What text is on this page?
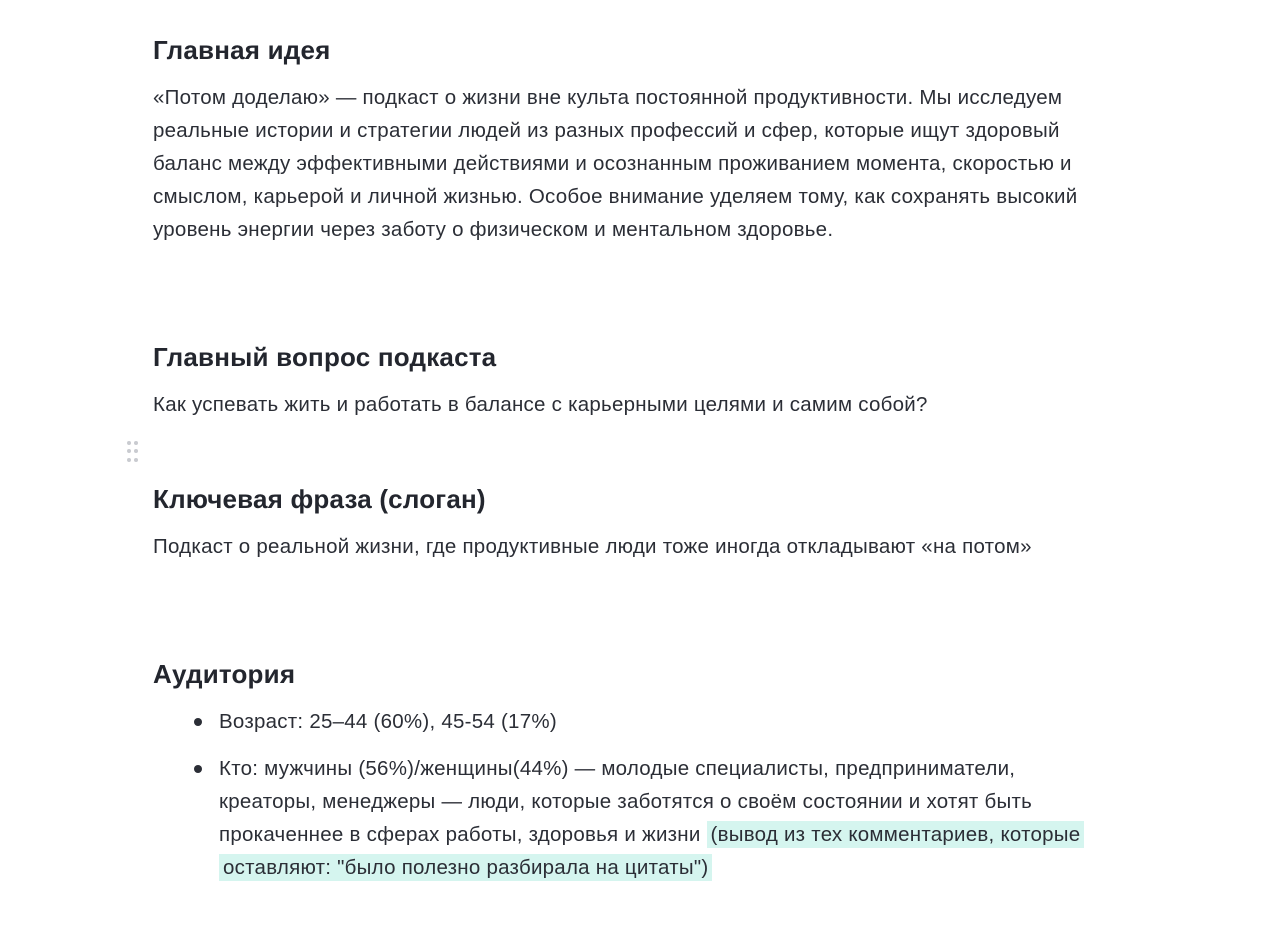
Главная идея

«Потом доделаю» — подкаст о жизни вне культа постоянной продуктивности. Мы исследуем реальные истории и стратегии людей из разных профессий и сфер, которые ищут здоровый баланс между эффективными действиями и осознанным проживанием момента, скоростью и смыслом, карьерой и личной жизнью. Особое внимание уделяем тому, как сохранять высокий уровень энергии через заботу о физическом и ментальном здоровье.

Главный вопрос подкаста

Как успевать жить и работать в балансе с карьерными целями и самим собой?

Ключевая фраза (слоган)

Подкаст о реальной жизни, где продуктивные люди тоже иногда откладывают «на потом»

Аудитория
Возраст: 25–44 (60%), 45-54 (17%)
Кто: мужчины (56%)/женщины(44%) — молодые специалисты, предприниматели, креаторы, менеджеры — люди, которые заботятся о своём состоянии и хотят быть прокаченнее в сферах работы, здоровья и жизни (вывод из тех комментариев, которые оставляют: "было полезно разбирала на цитаты")
